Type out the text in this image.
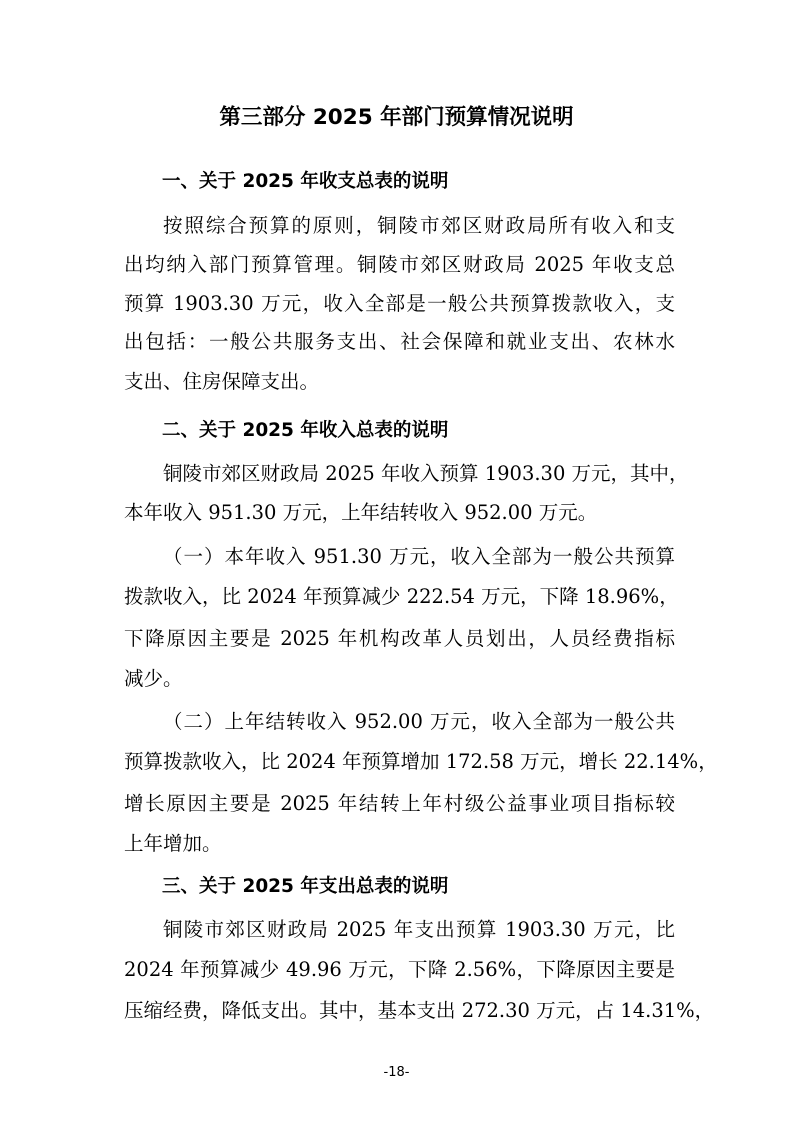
第三部分 2025 年部门预算情况说明
一、关于 2025 年收支总表的说明

按照综合预算的原则，铜陵市郊区财政局所有收入和支

出均纳入部门预算管理。铜陵市郊区财政局 2025 年收支总

预算 1903.30 万元，收入全部是一般公共预算拨款收入，支

出包括：一般公共服务支出、社会保障和就业支出、农林水

支出、住房保障支出。

二、关于 2025 年收入总表的说明

铜陵市郊区财政局 2025 年收入预算 1903.30 万元，其中，

本年收入 951.30 万元，上年结转收入 952.00 万元。

（一）本年收入 951.30 万元，收入全部为一般公共预算

拨款收入，比 2024 年预算减少 222.54 万元，下降 18.96%，

下降原因主要是 2025 年机构改革人员划出，人员经费指标

减少。

（二）上年结转收入 952.00 万元，收入全部为一般公共

预算拨款收入，比 2024 年预算增加 172.58 万元，增长 22.14%，

增长原因主要是 2025 年结转上年村级公益事业项目指标较

上年增加。

三、关于 2025 年支出总表的说明

铜陵市郊区财政局 2025 年支出预算 1903.30 万元，比

2024 年预算减少 49.96 万元，下降 2.56%，下降原因主要是

压缩经费，降低支出。其中，基本支出 272.30 万元，占 14.31%，

-18-
